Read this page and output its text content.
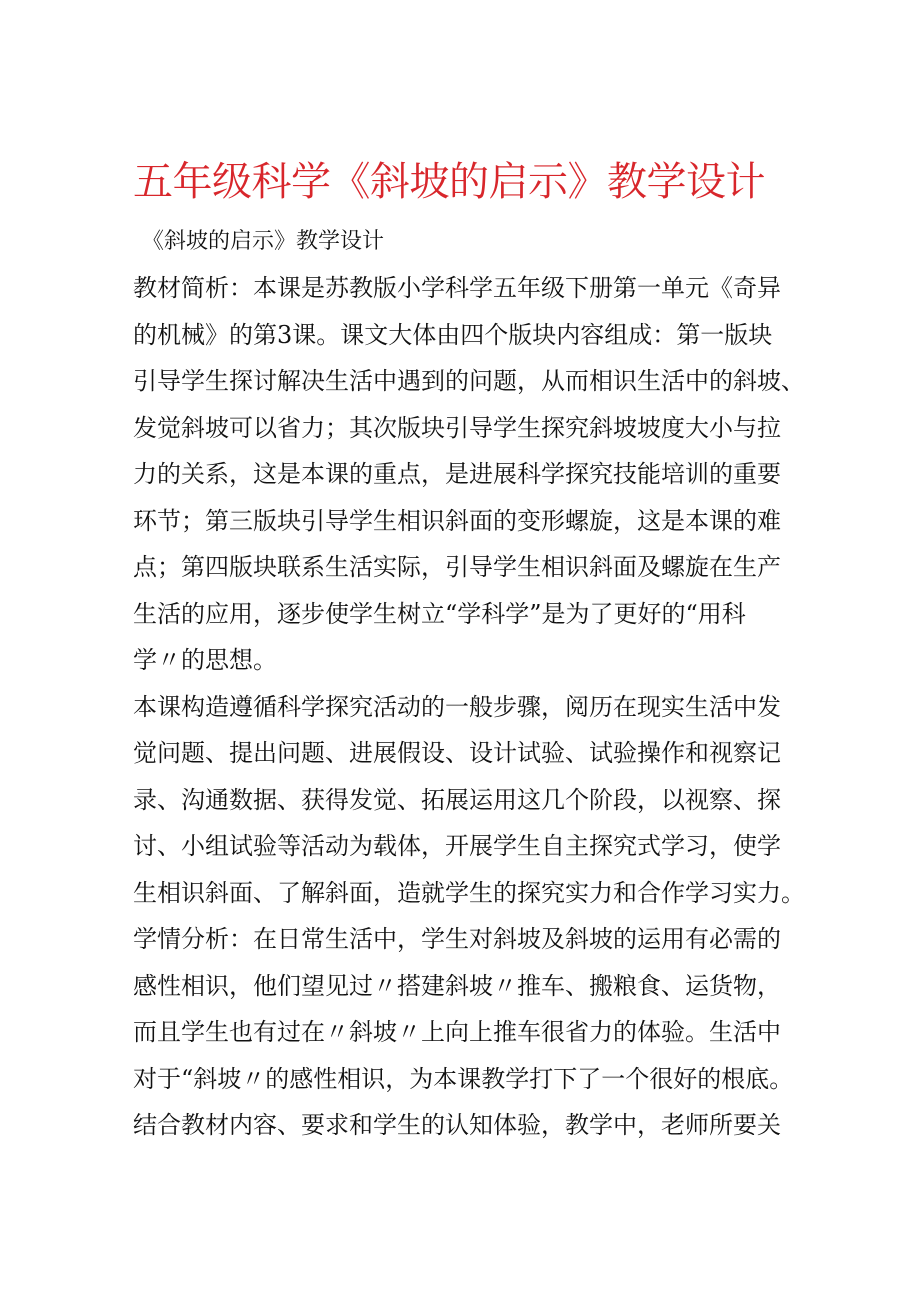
五年级科学《斜坡的启示》教学设计

《斜坡的启示》教学设计

教材简析：本课是苏教版小学科学五年级下册第一单元《奇异
的机械》的第3课。课文大体由四个版块内容组成：第一版块
引导学生探讨解决生活中遇到的问题，从而相识生活中的斜坡、
发觉斜坡可以省力；其次版块引导学生探究斜坡坡度大小与拉
力的关系，这是本课的重点，是进展科学探究技能培训的重要
环节；第三版块引导学生相识斜面的变形螺旋，这是本课的难
点；第四版块联系生活实际，引导学生相识斜面及螺旋在生产
生活的应用，逐步使学生树立“学科学”是为了更好的“用科
学〃的思想。
本课构造遵循科学探究活动的一般步骤，阅历在现实生活中发
觉问题、提出问题、进展假设、设计试验、试验操作和视察记
录、沟通数据、获得发觉、拓展运用这几个阶段，以视察、探
讨、小组试验等活动为载体，开展学生自主探究式学习，使学
生相识斜面、了解斜面，造就学生的探究实力和合作学习实力。
学情分析：在日常生活中，学生对斜坡及斜坡的运用有必需的
感性相识，他们望见过〃搭建斜坡〃推车、搬粮食、运货物，
而且学生也有过在〃斜坡〃上向上推车很省力的体验。生活中
对于“斜坡〃的感性相识，为本课教学打下了一个很好的根底。
结合教材内容、要求和学生的认知体验，教学中，老师所要关
